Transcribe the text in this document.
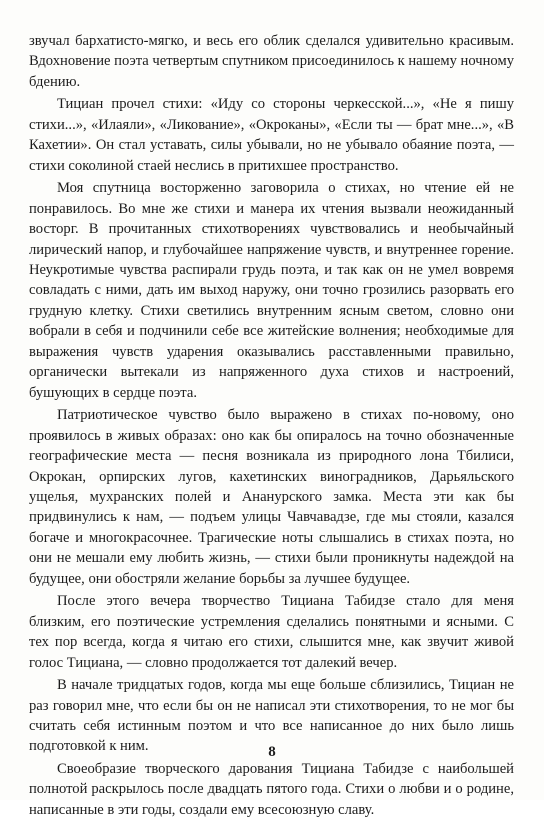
звучал бархатисто-мягко, и весь его облик сделался удивительно красивым. Вдохновение поэта четвертым спутником присоединилось к нашему ночному бдению.

Тициан прочел стихи: «Иду со стороны черкесской...», «Не я пишу стихи...», «Илаяли», «Ликование», «Окроканы», «Если ты — брат мне...», «В Кахетии». Он стал уставать, силы убывали, но не убывало обаяние поэта, — стихи соколиной стаей неслись в притихшее пространство.

Моя спутница восторженно заговорила о стихах, но чтение ей не понравилось. Во мне же стихи и манера их чтения вызвали неожиданный восторг. В прочитанных стихотворениях чувствовались и необычайный лирический напор, и глубочайшее напряжение чувств, и внутреннее горение. Неукротимые чувства распирали грудь поэта, и так как он не умел вовремя совладать с ними, дать им выход наружу, они точно грозились разорвать его грудную клетку. Стихи светились внутренним ясным светом, словно они вобрали в себя и подчинили себе все житейские волнения; необходимые для выражения чувств ударения оказывались расставленными правильно, органически вытекали из напряженного духа стихов и настроений, бушующих в сердце поэта.

Патриотическое чувство было выражено в стихах по-новому, оно проявилось в живых образах: оно как бы опиралось на точно обозначенные географические места — песня возникала из природного лона Тбилиси, Окрокан, орпирских лугов, кахетинских виноградников, Дарьяльского ущелья, мухранских полей и Ананурского замка. Места эти как бы придвинулись к нам, — подъем улицы Чавчавадзе, где мы стояли, казался богаче и многокрасочнее. Трагические ноты слышались в стихах поэта, но они не мешали ему любить жизнь, — стихи были проникнуты надеждой на будущее, они обостряли желание борьбы за лучшее будущее.

После этого вечера творчество Тициана Табидзе стало для меня близким, его поэтические устремления сделались понятными и ясными. С тех пор всегда, когда я читаю его стихи, слышится мне, как звучит живой голос Тициана, — словно продолжается тот далекий вечер.

В начале тридцатых годов, когда мы еще больше сблизились, Тициан не раз говорил мне, что если бы он не написал эти стихотворения, то не мог бы считать себя истинным поэтом и что все написанное до них было лишь подготовкой к ним.

Своеобразие творческого дарования Тициана Табидзе с наибольшей полнотой раскрылось после двадцать пятого года. Стихи о любви и о родине, написанные в эти годы, создали ему всесоюзную славу.

8
